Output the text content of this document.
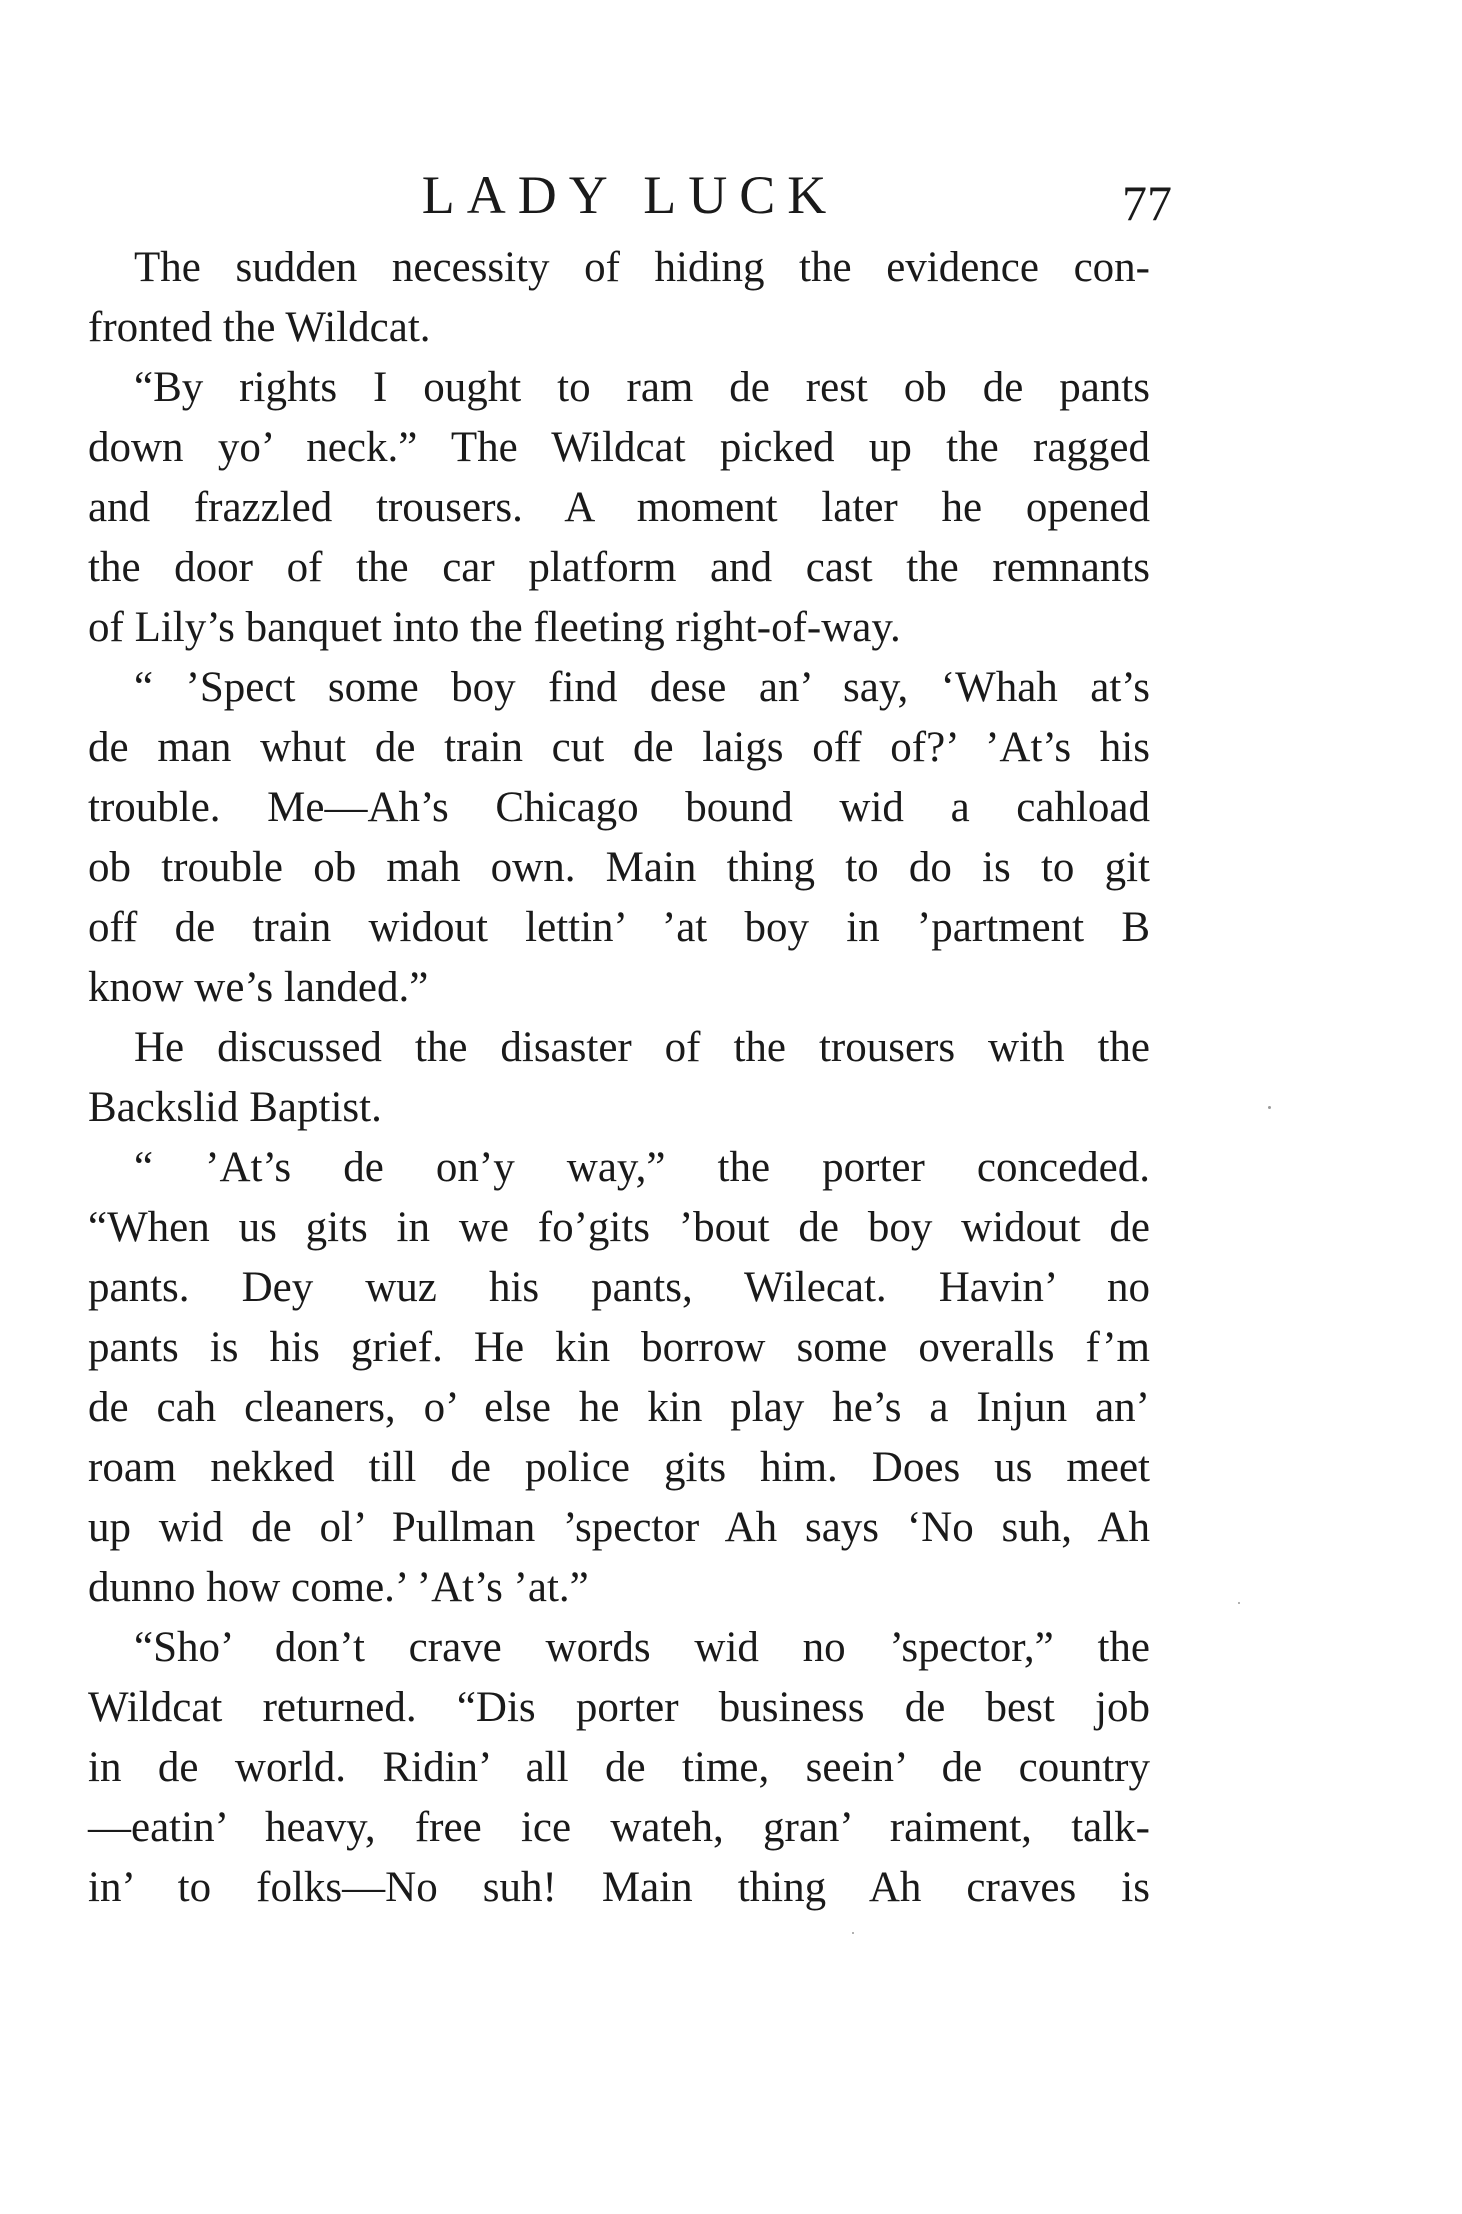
LADY LUCK	77
The sudden necessity of hiding the evidence con-
fronted the Wildcat.
“By rights I ought to ram de rest ob de pants
down yo’ neck.” The Wildcat picked up the ragged
and frazzled trousers. A moment later he opened
the door of the car platform and cast the remnants
of Lily’s banquet into the fleeting right-of-way.
“ ’Spect some boy find dese an’ say, ‘Whah at’s
de man whut de train cut de laigs off of?’ ’At’s his
trouble. Me—Ah’s Chicago bound wid a cahload
ob trouble ob mah own. Main thing to do is to git
off de train widout lettin’ ’at boy in ’partment B
know we’s landed.”
He discussed the disaster of the trousers with the
Backslid Baptist.
“ ’At’s de on’y way,” the porter conceded.
“When us gits in we fo’gits ’bout de boy widout de
pants. Dey wuz his pants, Wilecat. Havin’ no
pants is his grief. He kin borrow some overalls f’m
de cah cleaners, o’ else he kin play he’s a Injun an’
roam nekked till de police gits him. Does us meet
up wid de ol’ Pullman ’spector Ah says ‘No suh, Ah
dunno how come.’ ’At’s ’at.”
“Sho’ don’t crave words wid no ’spector,” the
Wildcat returned. “Dis porter business de best job
in de world. Ridin’ all de time, seein’ de country
—eatin’ heavy, free ice wateh, gran’ raiment, talk-
in’ to folks—No suh! Main thing Ah craves is
